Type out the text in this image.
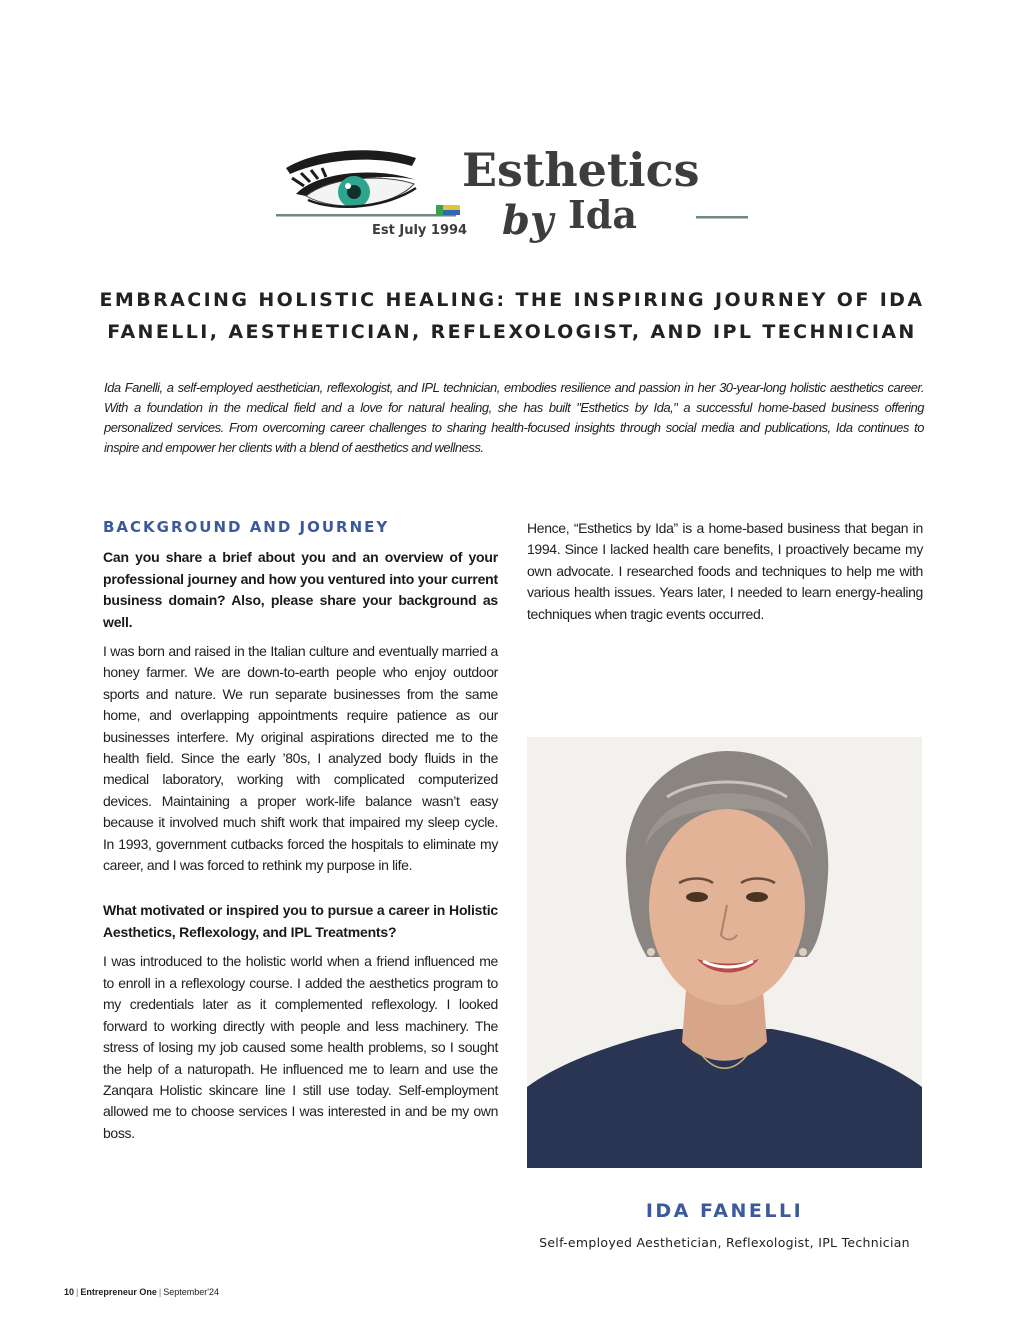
Est July 1994
Esthetics
by Ida
EMBRACING HOLISTIC HEALING: THE INSPIRING JOURNEY OF IDA FANELLI, AESTHETICIAN, REFLEXOLOGIST, AND IPL TECHNICIAN

Ida Fanelli, a self-employed aesthetician, reflexologist, and IPL technician, embodies resilience and passion in her 30-year-long holistic aesthetics career. With a foundation in the medical field and a love for natural healing, she has built "Esthetics by Ida," a successful home-based business offering personalized services. From overcoming career challenges to sharing health-focused insights through social media and publications, Ida continues to inspire and empower her clients with a blend of aesthetics and wellness.

BACKGROUND AND JOURNEY

Can you share a brief about you and an overview of your professional journey and how you ventured into your current business domain? Also, please share your background as well.

I was born and raised in the Italian culture and eventually married a honey farmer. We are down-to-earth people who enjoy outdoor sports and nature. We run separate businesses from the same home, and overlapping appointments require patience as our businesses interfere. My original aspirations directed me to the health field. Since the early ’80s, I analyzed body fluids in the medical laboratory, working with complicated computerized devices. Maintaining a proper work-life balance wasn’t easy because it involved much shift work that impaired my sleep cycle. In 1993, government cutbacks forced the hospitals to eliminate my career, and I was forced to rethink my purpose in life.

What motivated or inspired you to pursue a career in Holistic Aesthetics, Reflexology, and IPL Treatments?

I was introduced to the holistic world when a friend influenced me to enroll in a reflexology course. I added the aesthetics program to my credentials later as it complemented reflexology. I looked forward to working directly with people and less machinery. The stress of losing my job caused some health problems, so I sought the help of a naturopath. He influenced me to learn and use the Zanqara Holistic skincare line I still use today. Self-employment allowed me to choose services I was interested in and be my own boss.

Hence, “Esthetics by Ida” is a home-based business that began in 1994. Since I lacked health care benefits, I proactively became my own advocate. I researched foods and techniques to help me with various health issues. Years later, I needed to learn energy-healing techniques when tragic events occurred.

IDA FANELLI

Self-employed Aesthetician, Reflexologist, IPL Technician

10 | Entrepreneur One | September'24
